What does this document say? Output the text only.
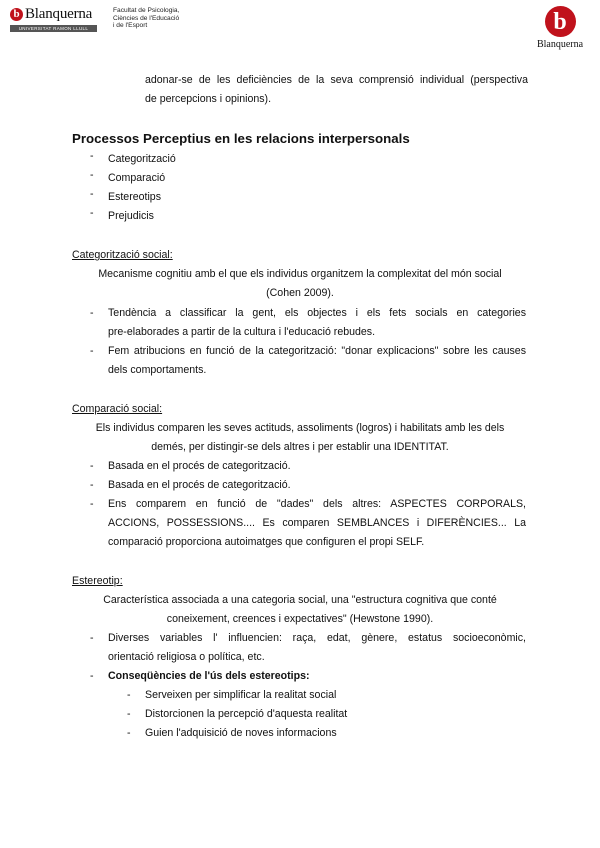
b Blanquerna
UNIVERSITAT RAMON LLULL
Facultat de Psicologia,
Ciències de l'Educació
i de l'Esport	b
Blanquerna
adonar-se de les deficiències de la seva comprensió individual (perspectiva
de percepcions i opinions).
Processos Perceptius en les relacions interpersonals
- Categorització
- Comparació
- Estereotips
- Prejudicis
Categorització social:
Mecanisme cognitiu amb el que els individus organitzem la complexitat del món social
(Cohen 2009).
- Tendència a classificar la gent, els objectes i els fets socials en categories
pre-elaborades a partir de la cultura i l'educació rebudes.
- Fem atribucions en funció de la categorització: "donar explicacions" sobre les causes
dels comportaments.
Comparació social:
Els individus comparen les seves actituds, assoliments (logros) i habilitats amb les dels
demés, per distingir-se dels altres i per establir una IDENTITAT.
- Basada en el procés de categorització.
- Basada en el procés de categorització.
- Ens comparem en funció de "dades" dels altres: ASPECTES CORPORALS,
ACCIONS, POSSESSIONS.... Es comparen SEMBLANCES i DIFERÈNCIES... La
comparació proporciona autoimatges que configuren el propi SELF.
Estereotip:
Característica associada a una categoria social, una "estructura cognitiva que conté
coneixement, creences i expectatives" (Hewstone 1990).
- Diverses variables l' influencien: raça, edat, gènere, estatus socioeconòmic,
orientació religiosa o política, etc.
- Conseqüències de l'ús dels estereotips:
- Serveixen per simplificar la realitat social
- Distorcionen la percepció d'aquesta realitat
- Guien l'adquisició de noves informacions
